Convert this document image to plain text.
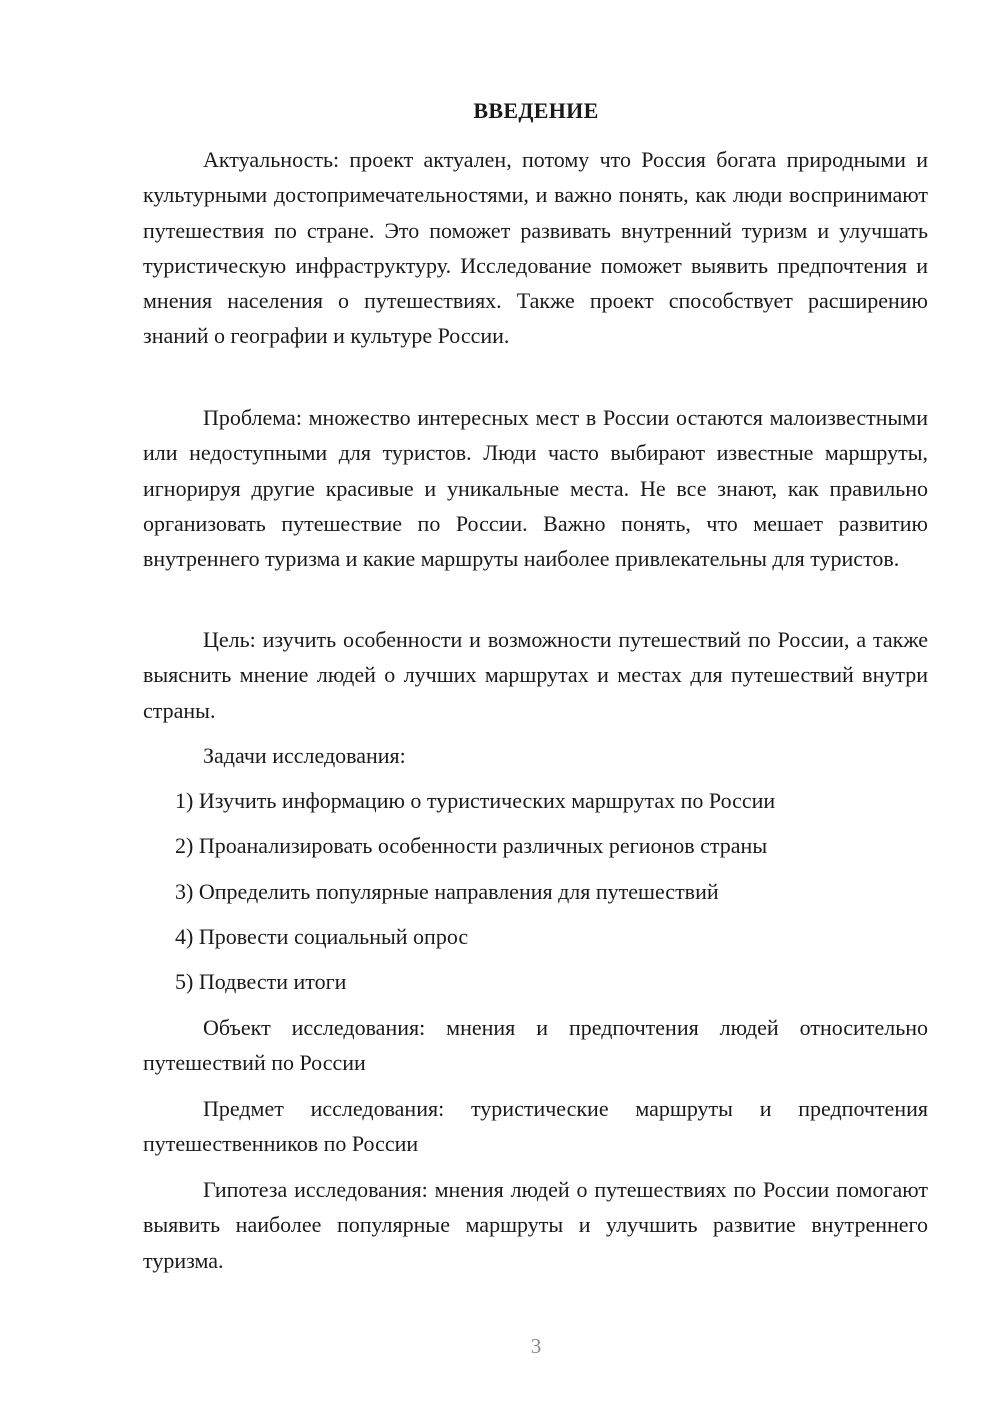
ВВЕДЕНИЕ

Актуальность: проект актуален, потому что Россия богата природными и культурными достопримечательностями, и важно понять, как люди воспринимают путешествия по стране. Это поможет развивать внутренний туризм и улучшать туристическую инфраструктуру. Исследование поможет выявить предпочтения и мнения населения о путешествиях. Также проект способствует расширению знаний о географии и культуре России.

Проблема: множество интересных мест в России остаются малоизвестными или недоступными для туристов. Люди часто выбирают известные маршруты, игнорируя другие красивые и уникальные места. Не все знают, как правильно организовать путешествие по России. Важно понять, что мешает развитию внутреннего туризма и какие маршруты наиболее привлекательны для туристов.

Цель: изучить особенности и возможности путешествий по России, а также выяснить мнение людей о лучших маршрутах и местах для путешествий внутри страны.

Задачи исследования:

1) Изучить информацию о туристических маршрутах по России
2) Проанализировать особенности различных регионов страны
3) Определить популярные направления для путешествий
4) Провести социальный опрос
5) Подвести итоги

Объект исследования: мнения и предпочтения людей относительно путешествий по России

Предмет исследования: туристические маршруты и предпочтения путешественников по России

Гипотеза исследования: мнения людей о путешествиях по России помогают выявить наиболее популярные маршруты и улучшить развитие внутреннего туризма.

3
